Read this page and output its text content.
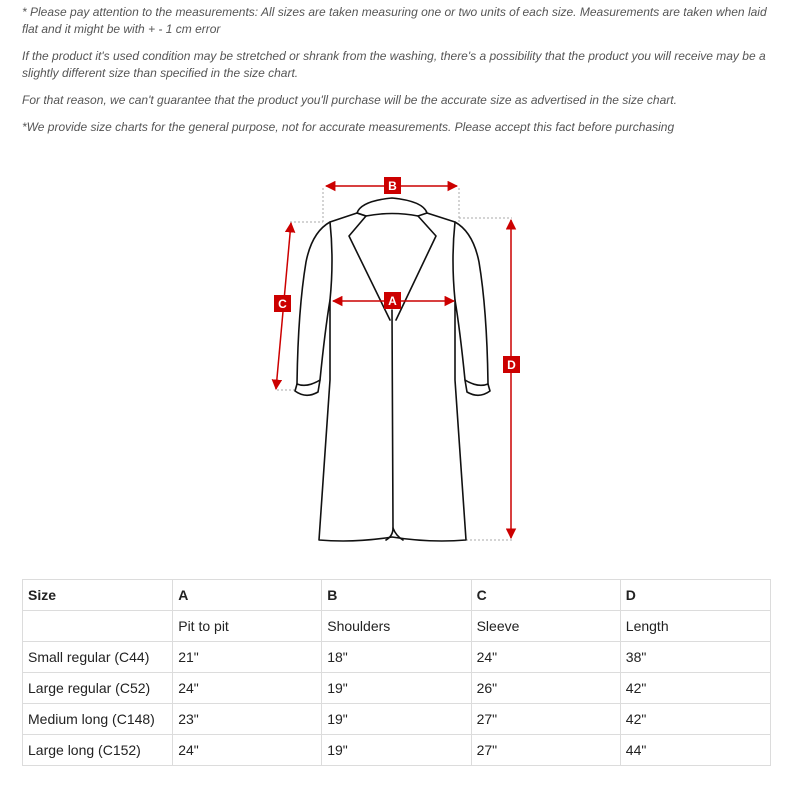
* Please pay attention to the measurements: All sizes are taken measuring one or two units of each size. Measurements are taken when laid flat and it might be with + - 1 cm error

If the product it's used condition may be stretched or shrank from the washing, there's a possibility that the product you will receive may be a slightly different size than specified in the size chart.

For that reason, we can't guarantee that the product you'll purchase will be the accurate size as advertised in the size chart.

*We provide size charts for the general purpose, not for accurate measurements. Please accept this fact before purchasing

B
A
C
D
Size	A	B	C	D
	Pit to pit	Shoulders	Sleeve	Length
Small regular (C44)	21"	18"	24"	38"
Large regular (C52)	24"	19"	26"	42"
Medium long (C148)	23"	19"	27"	42"
Large long (C152)	24"	19"	27"	44"
